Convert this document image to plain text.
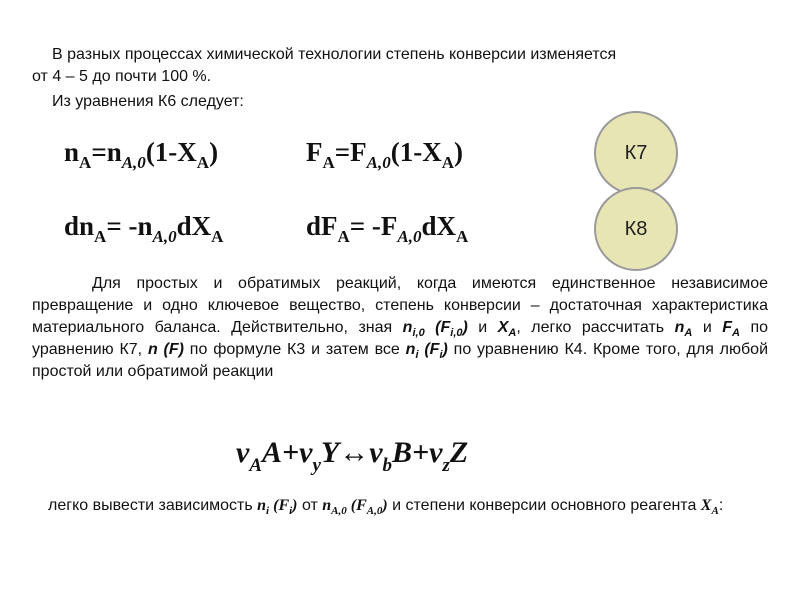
В разных процессах химической технологии степень конверсии изменяется
от 4 – 5 до почти 100 %.
Из уравнения К6 следует:
$n_A=n_{A,0}(1-X_A)$	$F_A=F_{A,0}(1-X_A)$
$dn_A= -n_{A,0}dX_A$	$dF_A= -F_{A,0}dX_A$
К7
К8
Для простых и обратимых реакций, когда имеются единственное независимое превращение и одно ключевое вещество, степень конверсии – достаточная характеристика материального баланса. Действительно, зная $n_{i,0}$ $(F_{i,0})$ и $X_A$, легко рассчитать $n_A$ и $F_A$ по уравнению К7, n (F) по формуле К3 и затем все $n_i$ $(F_i)$ по уравнению К4. Кроме того, для любой простой или обратимой реакции
$\nu_AA+\nu_yY\leftrightarrow\nu_bB+\nu_zZ$
легко вывести зависимость $n_i$ $(F_i)$ от $n_{A,0}$ $(F_{A,0})$ и степени конверсии основного реагента $X_A$:
